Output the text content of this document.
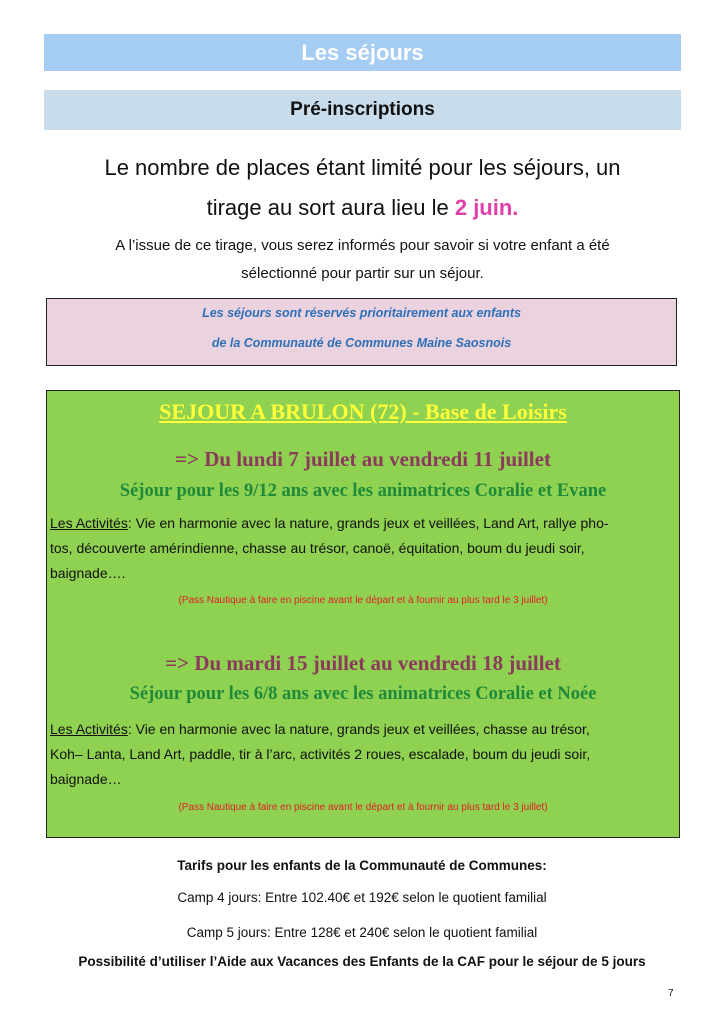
Les séjours
Pré-inscriptions
Le nombre de places étant limité pour les séjours, un
tirage au sort aura lieu le 2 juin.
A l’issue de ce tirage, vous serez informés pour savoir si votre enfant a été
sélectionné pour partir sur un séjour.

Les séjours sont réservés prioritairement aux enfants

de la Communauté de Communes Maine Saosnois

SEJOUR A BRULON (72) - Base de Loisirs
=> Du lundi 7 juillet au vendredi 11 juillet
Séjour pour les 9/12 ans avec les animatrices Coralie et Evane
Les Activités: Vie en harmonie avec la nature, grands jeux et veillées, Land Art, rallye pho-
tos, découverte amérindienne, chasse au trésor, canoë, équitation, boum du jeudi soir,
baignade….
(Pass Nautique à faire en piscine avant le départ et à fournir au plus tard le 3 juillet)
=> Du mardi 15 juillet au vendredi 18 juillet
Séjour pour les 6/8 ans avec les animatrices Coralie et Noée
Les Activités: Vie en harmonie avec la nature, grands jeux et veillées, chasse au trésor,
Koh– Lanta, Land Art, paddle, tir à l’arc, activités 2 roues, escalade, boum du jeudi soir,
baignade…
(Pass Nautique à faire en piscine avant le départ et à fournir au plus tard le 3 juillet)
Tarifs pour les enfants de la Communauté de Communes:
Camp 4 jours: Entre 102.40€ et 192€ selon le quotient familial
Camp 5 jours: Entre 128€ et 240€ selon le quotient familial
Possibilité d’utiliser l’Aide aux Vacances des Enfants de la CAF pour le séjour de 5 jours
7
